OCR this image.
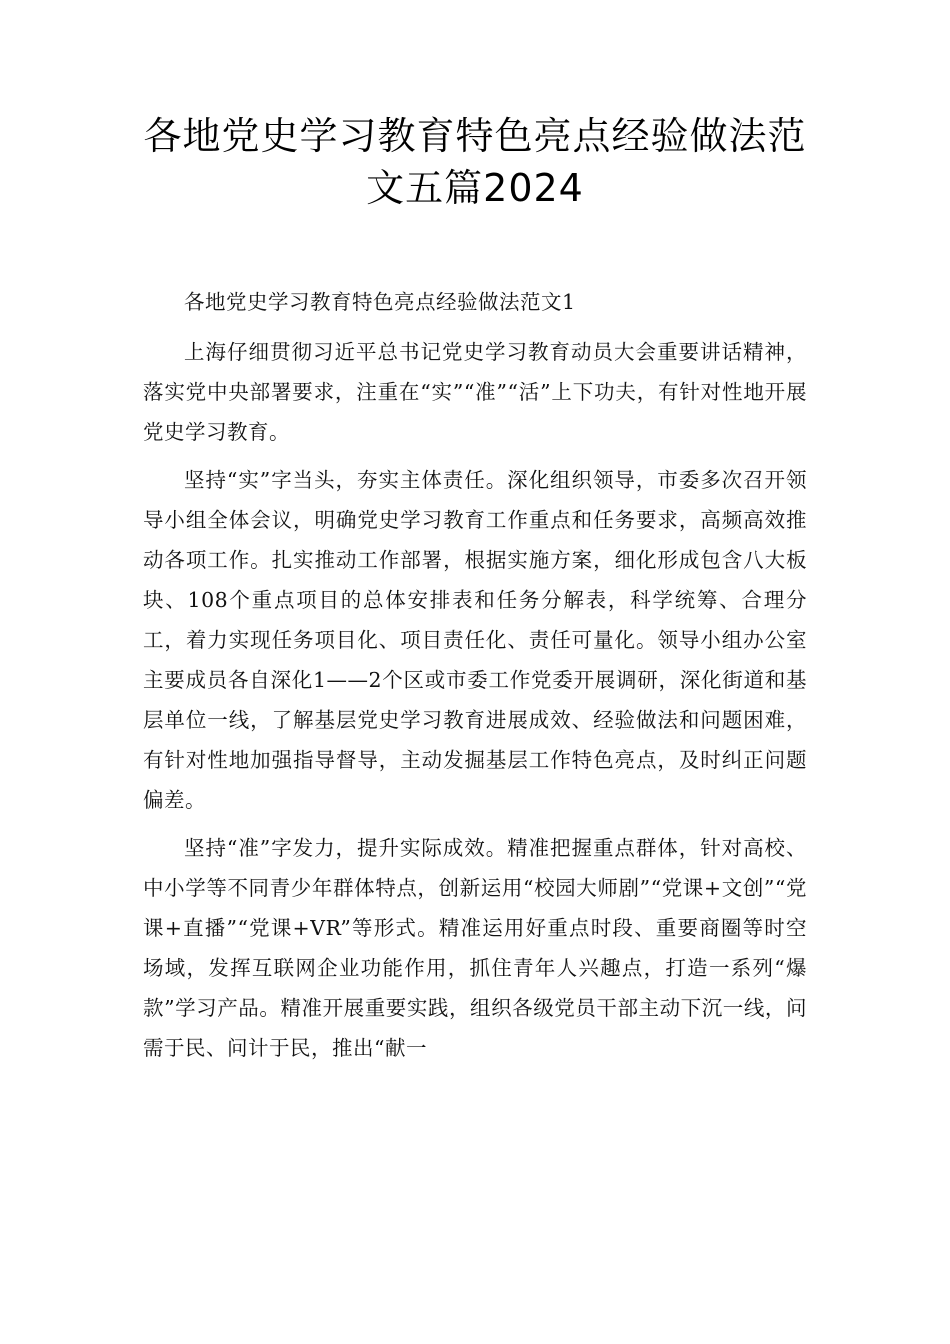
各地党史学习教育特色亮点经验做法范
文五篇2024

各地党史学习教育特色亮点经验做法范文1

上海仔细贯彻习近平总书记党史学习教育动员大会重要讲话精神，落实党中央部署要求，注重在“实”“准”“活”上下功夫，有针对性地开展党史学习教育。

坚持“实”字当头，夯实主体责任。深化组织领导，市委多次召开领导小组全体会议，明确党史学习教育工作重点和任务要求，高频高效推动各项工作。扎实推动工作部署，根据实施方案，细化形成包含八大板块、108个重点项目的总体安排表和任务分解表，科学统筹、合理分工，着力实现任务项目化、项目责任化、责任可量化。领导小组办公室主要成员各自深化1——2个区或市委工作党委开展调研，深化街道和基层单位一线，了解基层党史学习教育进展成效、经验做法和问题困难，有针对性地加强指导督导，主动发掘基层工作特色亮点，及时纠正问题偏差。

坚持“准”字发力，提升实际成效。精准把握重点群体，针对高校、中小学等不同青少年群体特点，创新运用“校园大师剧”“党课+文创”“党课+直播”“党课+VR”等形式。精准运用好重点时段、重要商圈等时空场域，发挥互联网企业功能作用，抓住青年人兴趣点，打造一系列“爆款”学习产品。精准开展重要实践，组织各级党员干部主动下沉一线，问需于民、问计于民，推出“献一
